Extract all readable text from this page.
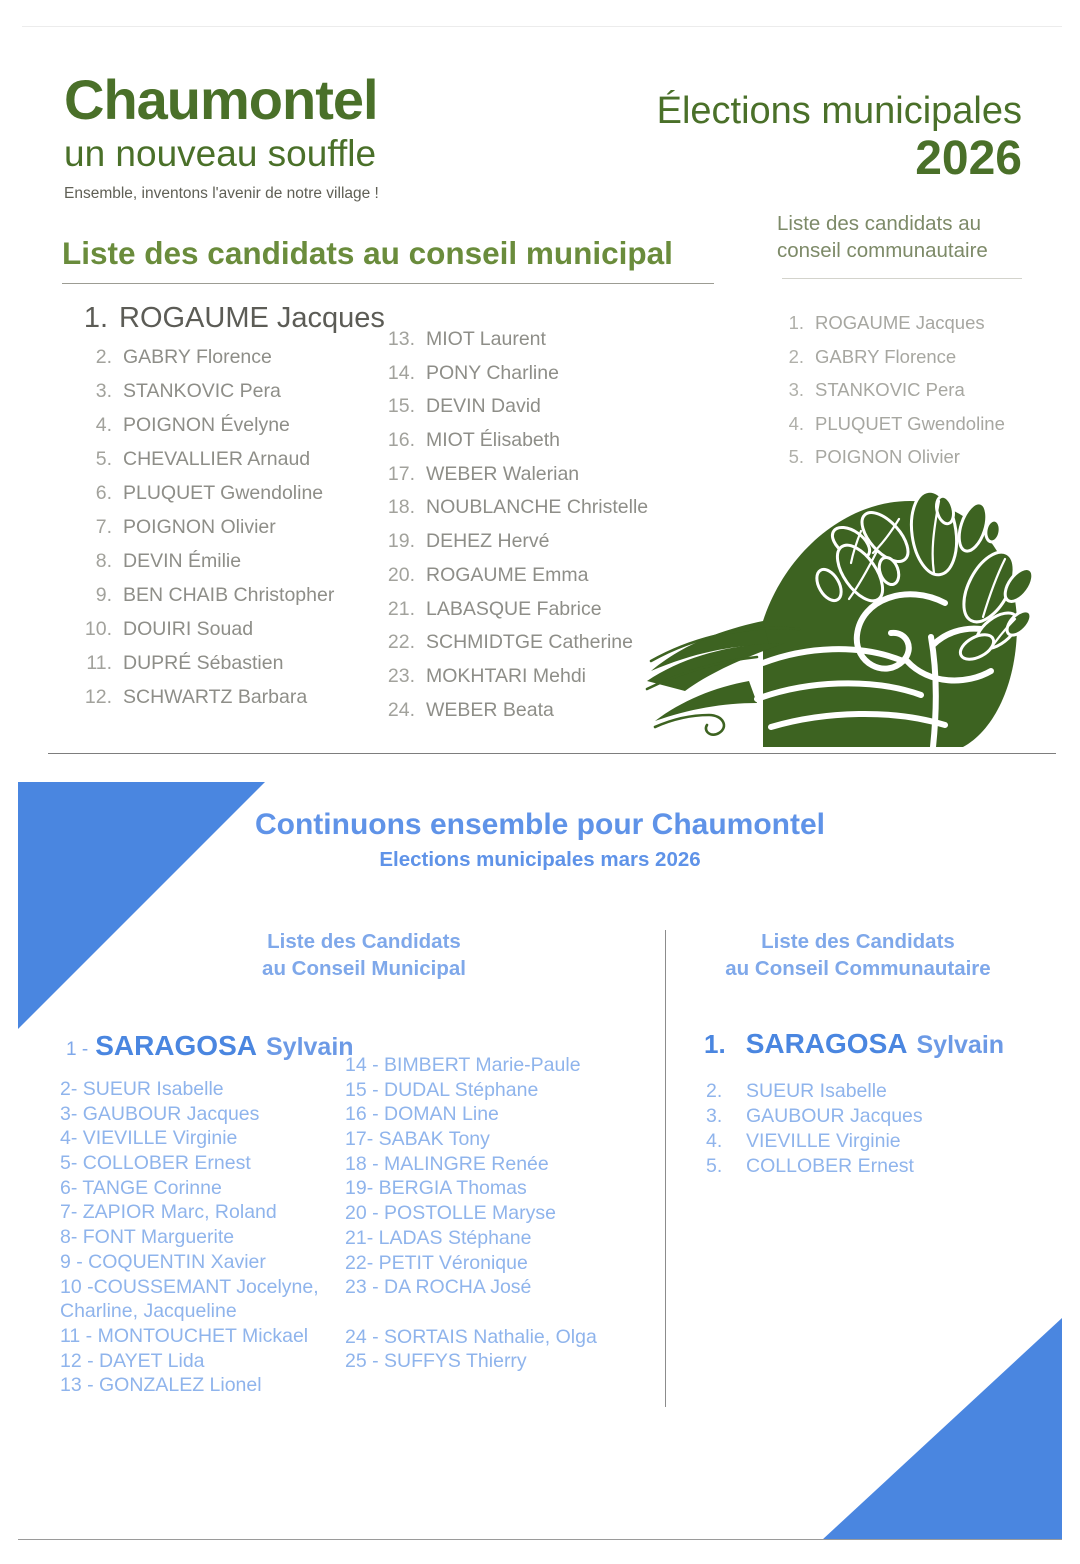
Chaumontel
un nouveau souffle
Ensemble, inventons l'avenir de notre village !
Élections municipales
2026
Liste des candidats au conseil municipal
Liste des candidats au conseil communautaire
1. ROGAUME Jacques
2. GABRY Florence
3. STANKOVIC Pera
4. POIGNON Évelyne
5. CHEVALLIER Arnaud
6. PLUQUET Gwendoline
7. POIGNON Olivier
8. DEVIN Émilie
9. BEN CHAIB Christopher
10. DOUIRI Souad
11. DUPRÉ Sébastien
12. SCHWARTZ Barbara
13. MIOT Laurent
14. PONY Charline
15. DEVIN David
16. MIOT Élisabeth
17. WEBER Walerian
18. NOUBLANCHE Christelle
19. DEHEZ Hervé
20. ROGAUME Emma
21. LABASQUE Fabrice
22. SCHMIDTGE Catherine
23. MOKHTARI Mehdi
24. WEBER Beata
1. ROGAUME Jacques
2. GABRY Florence
3. STANKOVIC Pera
4. PLUQUET Gwendoline
5. POIGNON Olivier
Continuons ensemble pour Chaumontel
Elections municipales mars 2026
Liste des Candidats
au Conseil Municipal
Liste des Candidats
au Conseil Communautaire
1 - SARAGOSA Sylvain	1. SARAGOSA Sylvain
2- SUEUR Isabelle
3- GAUBOUR Jacques
4- VIEVILLE Virginie
5- COLLOBER Ernest
6- TANGE Corinne
7- ZAPIOR Marc, Roland
8- FONT Marguerite
9 - COQUENTIN Xavier
10 -COUSSEMANT Jocelyne,
Charline, Jacqueline
11 - MONTOUCHET Mickael
12 - DAYET Lida
13 - GONZALEZ Lionel
14 - BIMBERT Marie-Paule
15 - DUDAL Stéphane
16 - DOMAN Line
17- SABAK Tony
18 - MALINGRE Renée
19- BERGIA Thomas
20 - POSTOLLE Maryse
21- LADAS Stéphane
22- PETIT Véronique
23 - DA ROCHA José
24 - SORTAIS Nathalie, Olga
25 - SUFFYS Thierry
2. SUEUR Isabelle
3. GAUBOUR Jacques
4. VIEVILLE Virginie
5. COLLOBER Ernest
